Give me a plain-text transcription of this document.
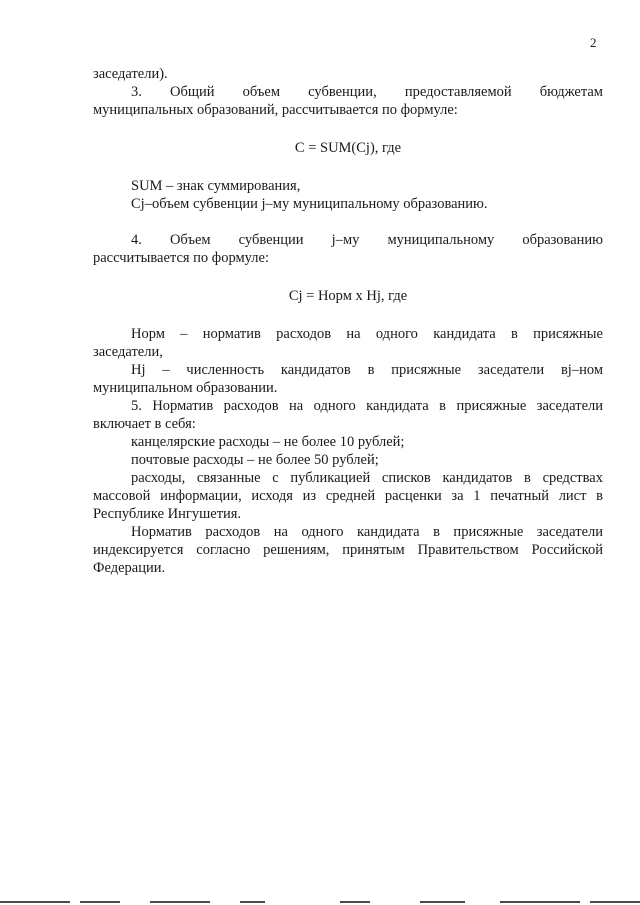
2
заседатели).
3. Общий объем субвенции, предоставляемой бюджетам
муниципальных образований, рассчитывается по формуле:
C = SUM(Cj), где
SUM – знак суммирования,
Cj–объем субвенции j–му муниципальному образованию.
4. Объем субвенции j–му муниципальному образованию
рассчитывается по формуле:
Cj = Норм x Hj, где
Норм – норматив расходов на одного кандидата в присяжные
заседатели,
Hj – численность кандидатов в присяжные заседатели вj–ном
муниципальном образовании.
5. Норматив расходов на одного кандидата в присяжные заседатели
включает в себя:
канцелярские расходы – не более 10 рублей;
почтовые расходы – не более 50 рублей;
расходы, связанные с публикацией списков кандидатов в средствах
массовой информации, исходя из средней расценки за 1 печатный лист в
Республике Ингушетия.
Норматив расходов на одного кандидата в присяжные заседатели
индексируется согласно решениям, принятым Правительством Российской
Федерации.
